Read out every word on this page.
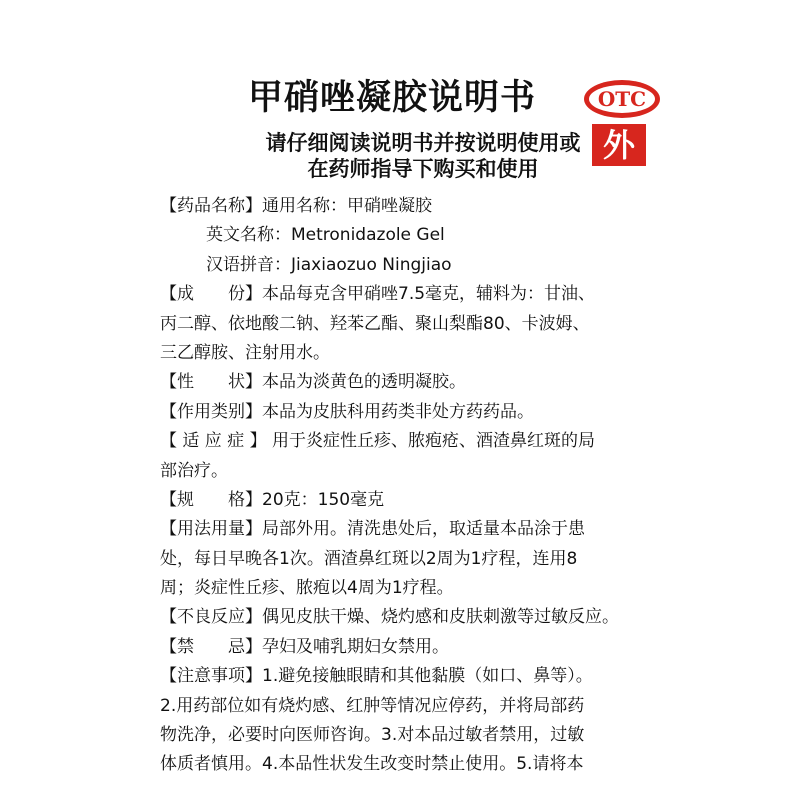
甲硝唑凝胶说明书
请仔细阅读说明书并按说明使用或
在药师指导下购买和使用
OTC
外
【药品名称】通用名称：甲硝唑凝胶
英文名称：Metronidazole Gel
汉语拼音：Jiaxiaozuo Ningjiao
【成　　份】本品每克含甲硝唑7.5毫克，辅料为：甘油、
丙二醇、依地酸二钠、羟苯乙酯、聚山梨酯80、卡波姆、
三乙醇胺、注射用水。
【性　　状】本品为淡黄色的透明凝胶。
【作用类别】本品为皮肤科用药类非处方药药品。
【 适 应 症 】 用于炎症性丘疹、脓疱疮、酒渣鼻红斑的局
部治疗。
【规　　格】20克：150毫克
【用法用量】局部外用。清洗患处后，取适量本品涂于患
处，每日早晚各1次。酒渣鼻红斑以2周为1疗程，连用8
周；炎症性丘疹、脓疱以4周为1疗程。
【不良反应】偶见皮肤干燥、烧灼感和皮肤刺激等过敏反应。
【禁　　忌】孕妇及哺乳期妇女禁用。
【注意事项】1.避免接触眼睛和其他黏膜（如口、鼻等）。
2.用药部位如有烧灼感、红肿等情况应停药，并将局部药
物洗净，必要时向医师咨询。3.对本品过敏者禁用，过敏
体质者慎用。4.本品性状发生改变时禁止使用。5.请将本
